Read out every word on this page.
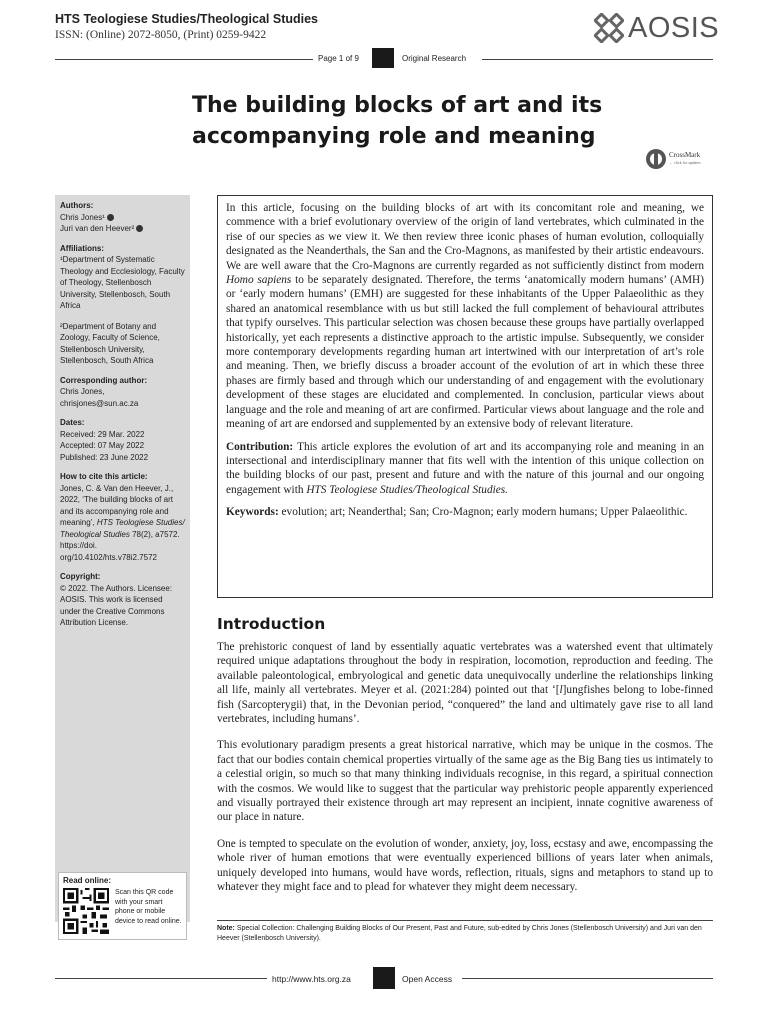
HTS Teologiese Studies/Theological Studies
ISSN: (Online) 2072-8050, (Print) 0259-9422	AOSIS
Page 1 of 9	Original Research
The building blocks of art and its accompanying role and meaning
CrossMark
← click for updates

Authors:

Chris Jones¹

Juri van den Heever²

Affiliations:

¹Department of Systematic Theology and Ecclesiology, Faculty of Theology, Stellenbosch University, Stellenbosch, South Africa

²Department of Botany and Zoology, Faculty of Science, Stellenbosch University, Stellenbosch, South Africa

Corresponding author:

Chris Jones,

chrisjones@sun.ac.za

Dates:

Received: 29 Mar. 2022

Accepted: 07 May 2022

Published: 23 June 2022

How to cite this article:

Jones, C. & Van den Heever, J., 2022, ‘The building blocks of art and its accompanying role and meaning’, HTS Teologiese Studies/ Theological Studies 78(2), a7572. https://doi. org/10.4102/hts.v78i2.7572

Copyright:

© 2022. The Authors. Licensee: AOSIS. This work is licensed under the Creative Commons Attribution License.

Read online:

Scan this QR code with your smart phone or mobile device to read online.

In this article, focusing on the building blocks of art with its concomitant role and meaning, we commence with a brief evolutionary overview of the origin of land vertebrates, which culminated in the rise of our species as we view it. We then review three iconic phases of human evolution, colloquially designated as the Neanderthals, the San and the Cro-Magnons, as manifested by their artistic endeavours. We are well aware that the Cro-Magnons are currently regarded as not sufficiently distinct from modern Homo sapiens to be separately designated. Therefore, the terms ‘anatomically modern humans’ (AMH) or ‘early modern humans’ (EMH) are suggested for these inhabitants of the Upper Palaeolithic as they shared an anatomical resemblance with us but still lacked the full complement of behavioural attributes that typify ourselves. This particular selection was chosen because these groups have partially overlapped historically, yet each represents a distinctive approach to the artistic impulse. Subsequently, we consider more contemporary developments regarding human art intertwined with our interpretation of art’s role and meaning. Then, we briefly discuss a broader account of the evolution of art in which these three phases are firmly based and through which our understanding of and engagement with the evolutionary development of these stages are elucidated and complemented. In conclusion, particular views about language and the role and meaning of art are confirmed. Particular views about language and the role and meaning of art are endorsed and supplemented by an extensive body of relevant literature.

Contribution: This article explores the evolution of art and its accompanying role and meaning in an intersectional and interdisciplinary manner that fits well with the intention of this unique collection on the building blocks of our past, present and future and with the nature of this journal and our ongoing engagement with HTS Teologiese Studies/Theological Studies.

Keywords: evolution; art; Neanderthal; San; Cro-Magnon; early modern humans; Upper Palaeolithic.

Introduction

The prehistoric conquest of land by essentially aquatic vertebrates was a watershed event that ultimately required unique adaptations throughout the body in respiration, locomotion, reproduction and feeding. The available paleontological, embryological and genetic data unequivocally underline the relationships linking all life, mainly all vertebrates. Meyer et al. (2021:284) pointed out that ‘[l]ungfishes belong to lobe-finned fish (Sarcopterygii) that, in the Devonian period, “conquered” the land and ultimately gave rise to all land vertebrates, including humans’.

This evolutionary paradigm presents a great historical narrative, which may be unique in the cosmos. The fact that our bodies contain chemical properties virtually of the same age as the Big Bang ties us intimately to a celestial origin, so much so that many thinking individuals recognise, in this regard, a spiritual connection with the cosmos. We would like to suggest that the particular way prehistoric people apparently experienced and visually portrayed their existence through art may represent an incipient, innate cognitive awareness of our place in nature.

One is tempted to speculate on the evolution of wonder, anxiety, joy, loss, ecstasy and awe, encompassing the whole river of human emotions that were eventually experienced billions of years later when animals, uniquely developed into humans, would have words, reflection, rituals, signs and metaphors to stand up to whatever they might face and to plead for whatever they might deem necessary.

Note: Special Collection: Challenging Building Blocks of Our Present, Past and Future, sub-edited by Chris Jones (Stellenbosch University) and Juri van den Heever (Stellenbosch University).
http://www.hts.org.za	Open Access
